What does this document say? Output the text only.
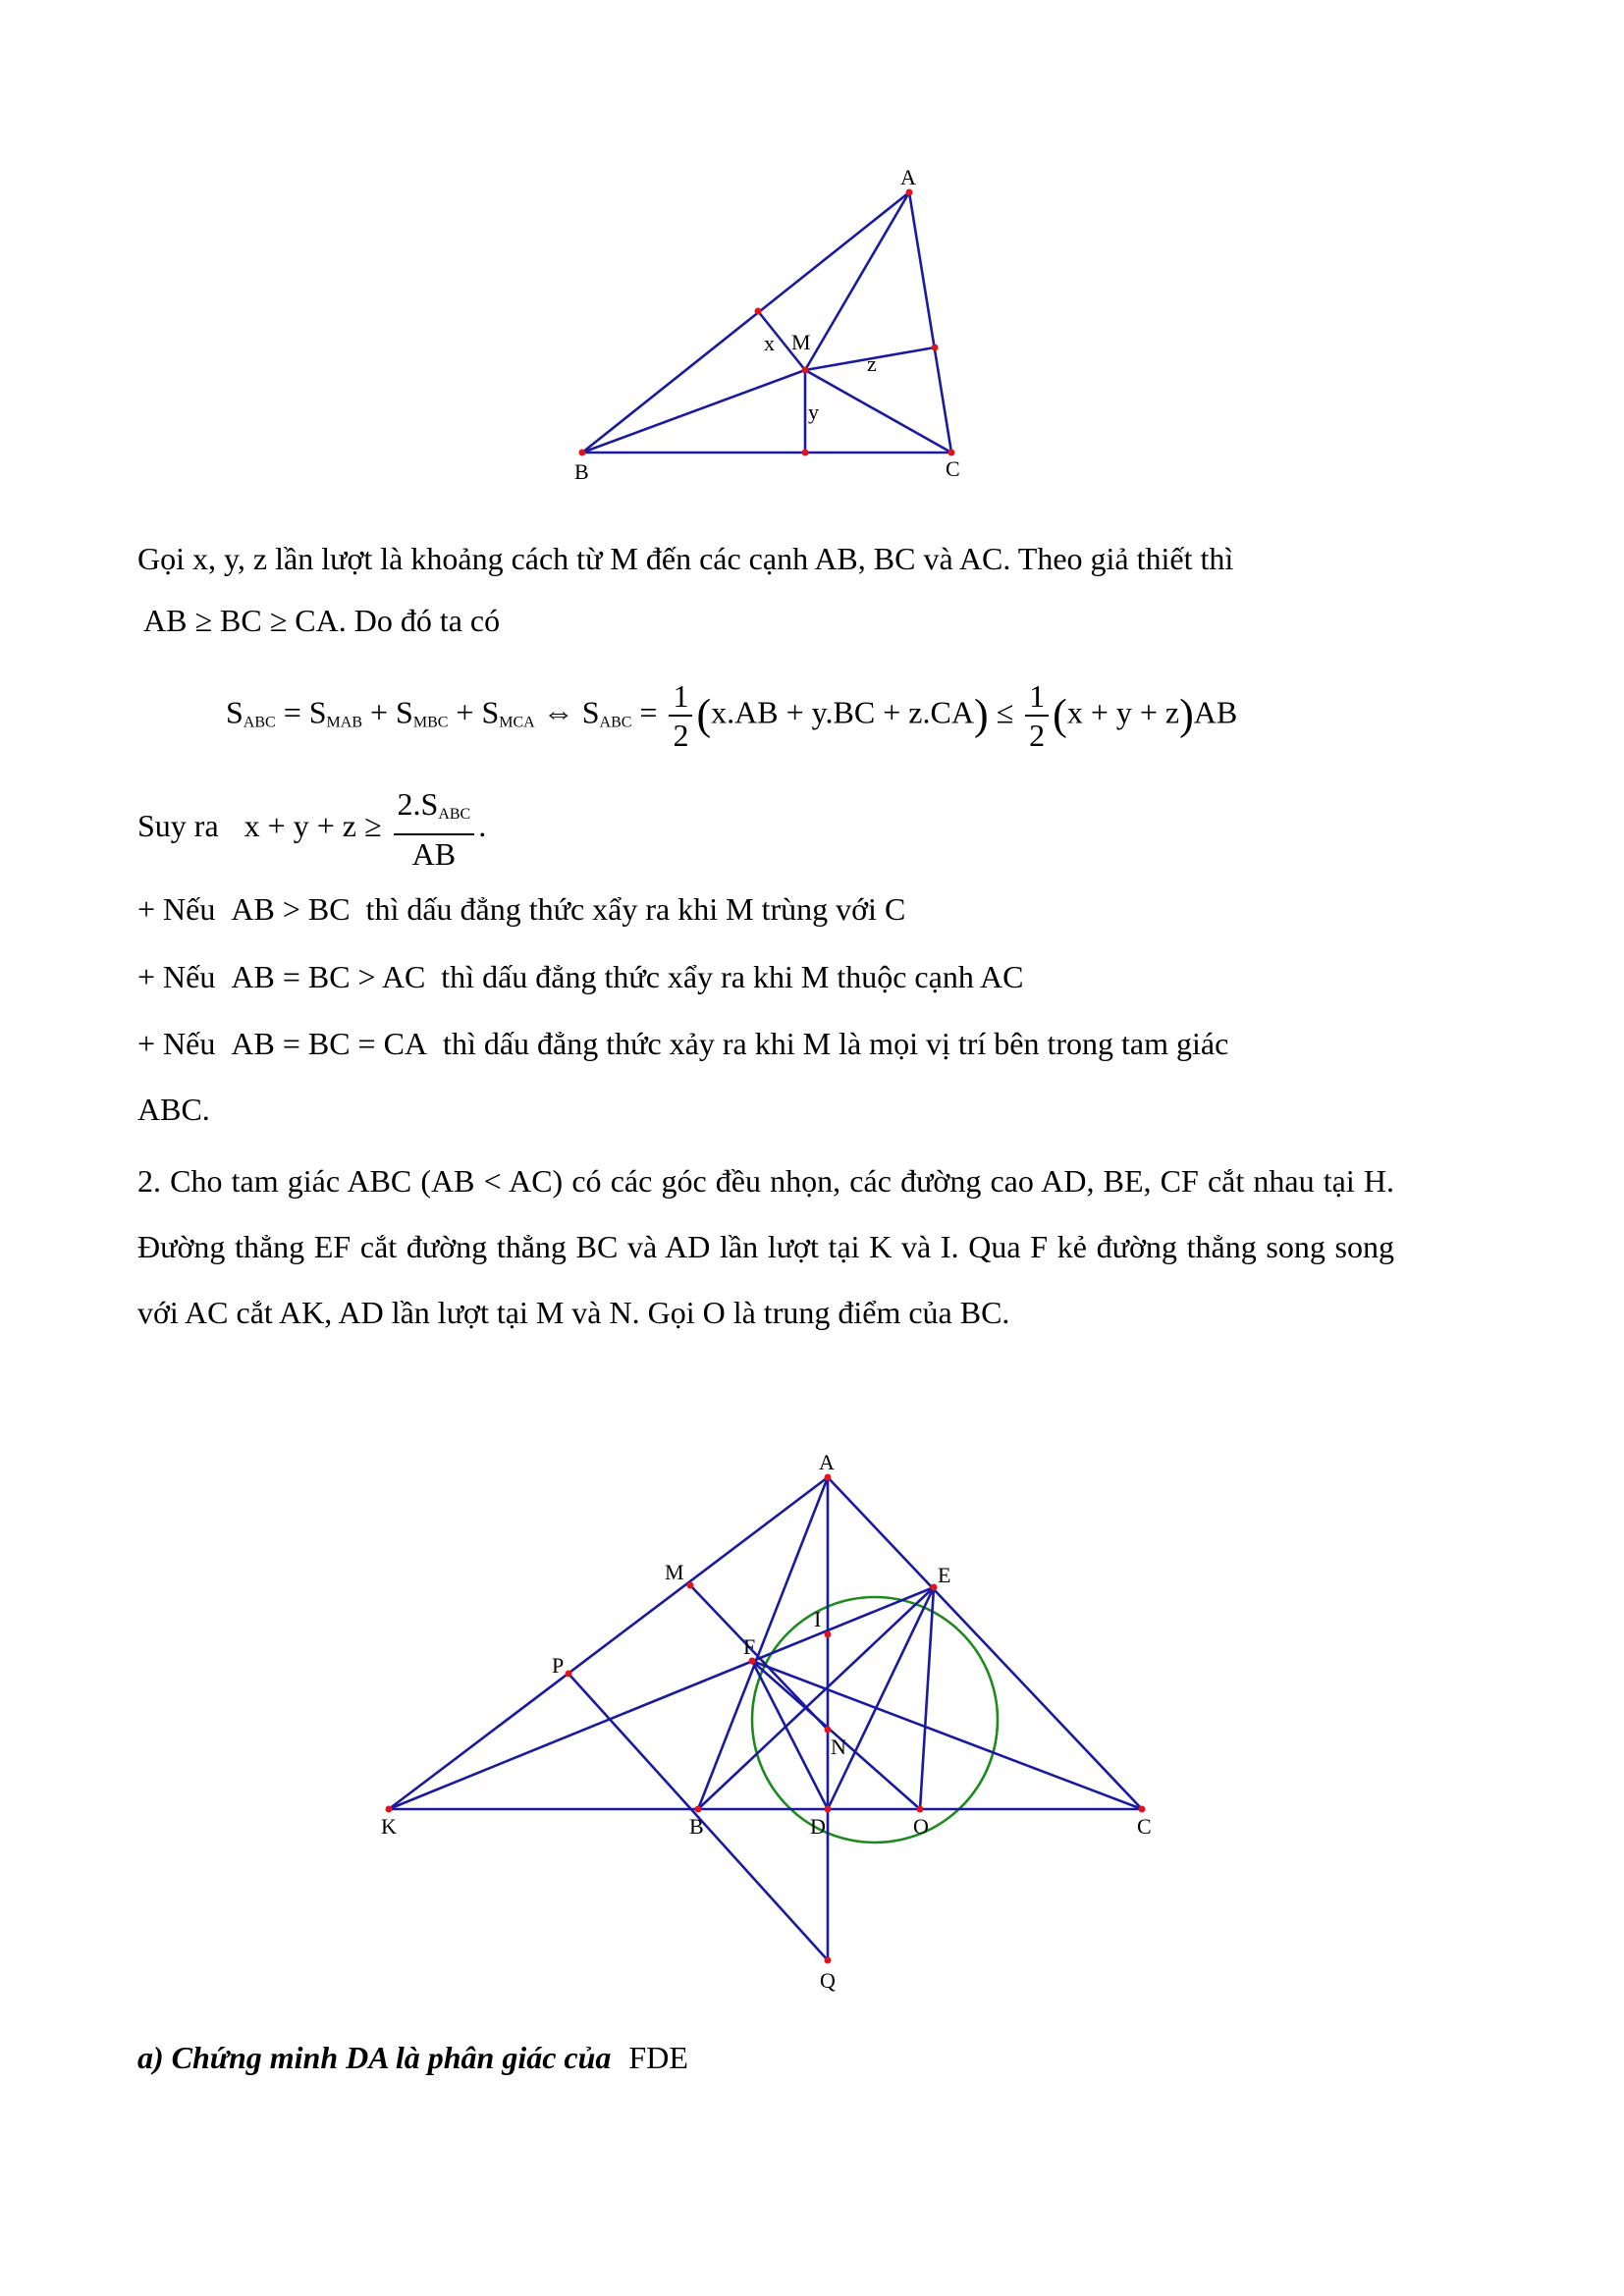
A
B	C
M
x
y
z

Gọi x, y, z lần lượt là khoảng cách từ M đến các cạnh AB, BC và AC. Theo giả thiết thì

AB ≥ BC ≥ CA. Do đó ta có
$S_{ABC} = S_{MAB} + S_{MBC} + S_{MCA}$ ⇔ $S_{ABC} = \frac{1}{2} (x.AB + y.BC + z.CA) \le \frac{1}{2} (x + y + z)AB$
Suy ra $x + y + z \ge \frac{2.S_{ABC}}{AB}$ .
+ Nếu AB > BC thì dấu đẳng thức xẩy ra khi M trùng với C
+ Nếu AB = BC > AC thì dấu đẳng thức xẩy ra khi M thuộc cạnh AC
+ Nếu AB = BC = CA thì dấu đẳng thức xảy ra khi M là mọi vị trí bên trong tam giác
ABC.

2. Cho tam giác ABC (AB < AC) có các góc đều nhọn, các đường cao AD, BE, CF cắt nhau tại H. Đường thẳng EF cắt đường thẳng BC và AD lần lượt tại K và I. Qua F kẻ đường thẳng song song với AC cắt AK, AD lần lượt tại M và N. Gọi O là trung điểm của BC.

A
M	E
I
P
F
N
K	B	D	O	C
Q
a) Chứng minh DA là phân giác của FDE
